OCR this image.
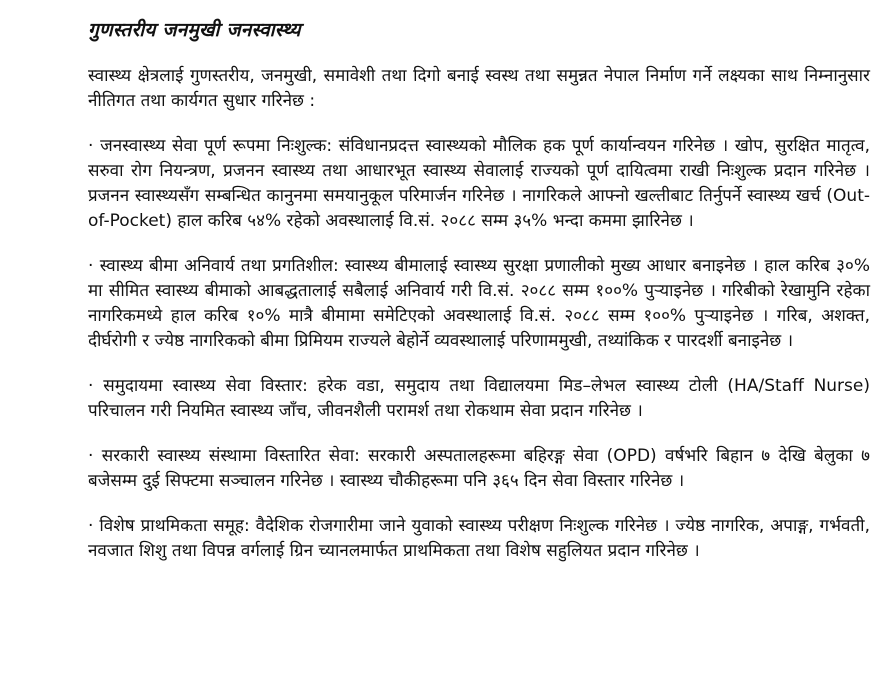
गुणस्तरीय जनमुखी जनस्वास्थ्य

स्वास्थ्य क्षेत्रलाई गुणस्तरीय, जनमुखी, समावेशी तथा दिगो बनाई स्वस्थ तथा समुन्नत नेपाल निर्माण गर्ने लक्ष्यका साथ निम्नानुसार नीतिगत तथा कार्यगत सुधार गरिनेछ :

· जनस्वास्थ्य सेवा पूर्ण रूपमा निःशुल्क: संविधानप्रदत्त स्वास्थ्यको मौलिक हक पूर्ण कार्यान्वयन गरिनेछ । खोप, सुरक्षित मातृत्व, सरुवा रोग नियन्त्रण, प्रजनन स्वास्थ्य तथा आधारभूत स्वास्थ्य सेवालाई राज्यको पूर्ण दायित्वमा राखी निःशुल्क प्रदान गरिनेछ । प्रजनन स्वास्थ्यसँग सम्बन्धित कानुनमा समयानुकूल परिमार्जन गरिनेछ । नागरिकले आफ्नो खल्तीबाट तिर्नुपर्ने स्वास्थ्य खर्च (Out-of-Pocket) हाल करिब ५४% रहेको अवस्थालाई वि.सं. २०८८ सम्म ३५% भन्दा कममा झारिनेछ ।

· स्वास्थ्य बीमा अनिवार्य तथा प्रगतिशील: स्वास्थ्य बीमालाई स्वास्थ्य सुरक्षा प्रणालीको मुख्य आधार बनाइनेछ । हाल करिब ३०% मा सीमित स्वास्थ्य बीमाको आबद्धतालाई सबैलाई अनिवार्य गरी वि.सं. २०८८ सम्म १००% पुऱ्याइनेछ । गरिबीको रेखामुनि रहेका नागरिकमध्ये हाल करिब १०% मात्रै बीमामा समेटिएको अवस्थालाई वि.सं. २०८८ सम्म १००% पुऱ्याइनेछ । गरिब, अशक्त, दीर्घरोगी र ज्येष्ठ नागरिकको बीमा प्रिमियम राज्यले बेहोर्ने व्यवस्थालाई परिणाममुखी, तथ्यांकिक र पारदर्शी बनाइनेछ ।

· समुदायमा स्वास्थ्य सेवा विस्तार: हरेक वडा, समुदाय तथा विद्यालयमा मिड–लेभल स्वास्थ्य टोली (HA/Staff Nurse) परिचालन गरी नियमित स्वास्थ्य जाँच, जीवनशैली परामर्श तथा रोकथाम सेवा प्रदान गरिनेछ ।

· सरकारी स्वास्थ्य संस्थामा विस्तारित सेवा: सरकारी अस्पतालहरूमा बहिरङ्ग सेवा (OPD) वर्षभरि बिहान ७ देखि बेलुका ७ बजेसम्म दुई सिफ्टमा सञ्चालन गरिनेछ । स्वास्थ्य चौकीहरूमा पनि ३६५ दिन सेवा विस्तार गरिनेछ ।

· विशेष प्राथमिकता समूह: वैदेशिक रोजगारीमा जाने युवाको स्वास्थ्य परीक्षण निःशुल्क गरिनेछ । ज्येष्ठ नागरिक, अपाङ्ग, गर्भवती, नवजात शिशु तथा विपन्न वर्गलाई ग्रिन च्यानलमार्फत प्राथमिकता तथा विशेष सहुलियत प्रदान गरिनेछ ।
